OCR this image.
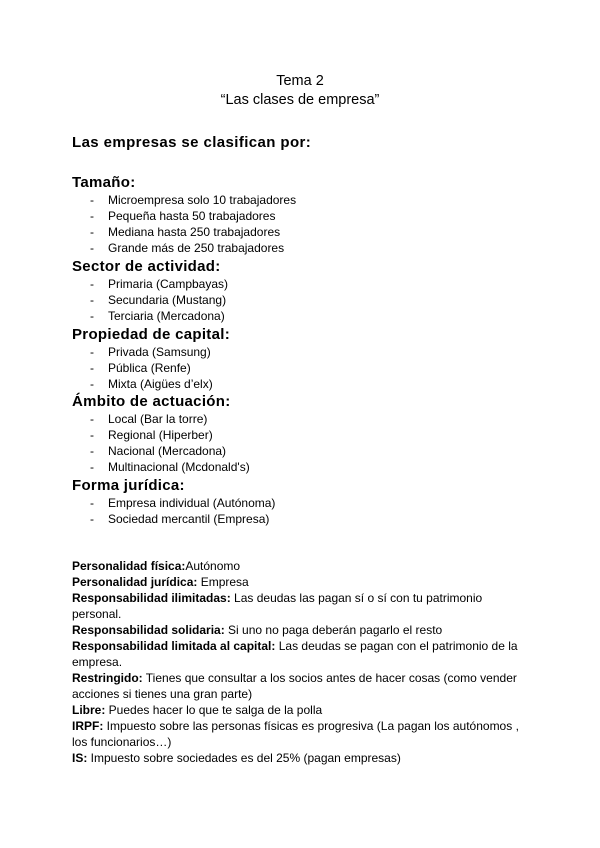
Tema 2
“Las clases de empresa”
Las empresas se clasifican por:
Tamaño:
- Microempresa solo 10 trabajadores
- Pequeña hasta 50 trabajadores
- Mediana hasta 250 trabajadores
- Grande más de 250 trabajadores
Sector de actividad:
- Primaria (Campbayas)
- Secundaria (Mustang)
- Terciaria (Mercadona)
Propiedad de capital:
- Privada (Samsung)
- Pública (Renfe)
- Mixta (Aigües d’elx)
Ámbito de actuación:
- Local (Bar la torre)
- Regional (Hiperber)
- Nacional (Mercadona)
- Multinacional (Mcdonald's)
Forma jurídica:
- Empresa individual (Autónoma)
- Sociedad mercantil (Empresa)

Personalidad física:Autónomo

Personalidad jurídica: Empresa

Responsabilidad ilimitadas: Las deudas las pagan sí o sí con tu patrimonio personal.

Responsabilidad solidaria: Si uno no paga deberán pagarlo el resto

Responsabilidad limitada al capital: Las deudas se pagan con el patrimonio de la empresa.

Restringido: Tienes que consultar a los socios antes de hacer cosas (como vender acciones si tienes una gran parte)

Libre: Puedes hacer lo que te salga de la polla

IRPF: Impuesto sobre las personas físicas es progresiva (La pagan los autónomos , los funcionarios…)

IS: Impuesto sobre sociedades es del 25% (pagan empresas)
